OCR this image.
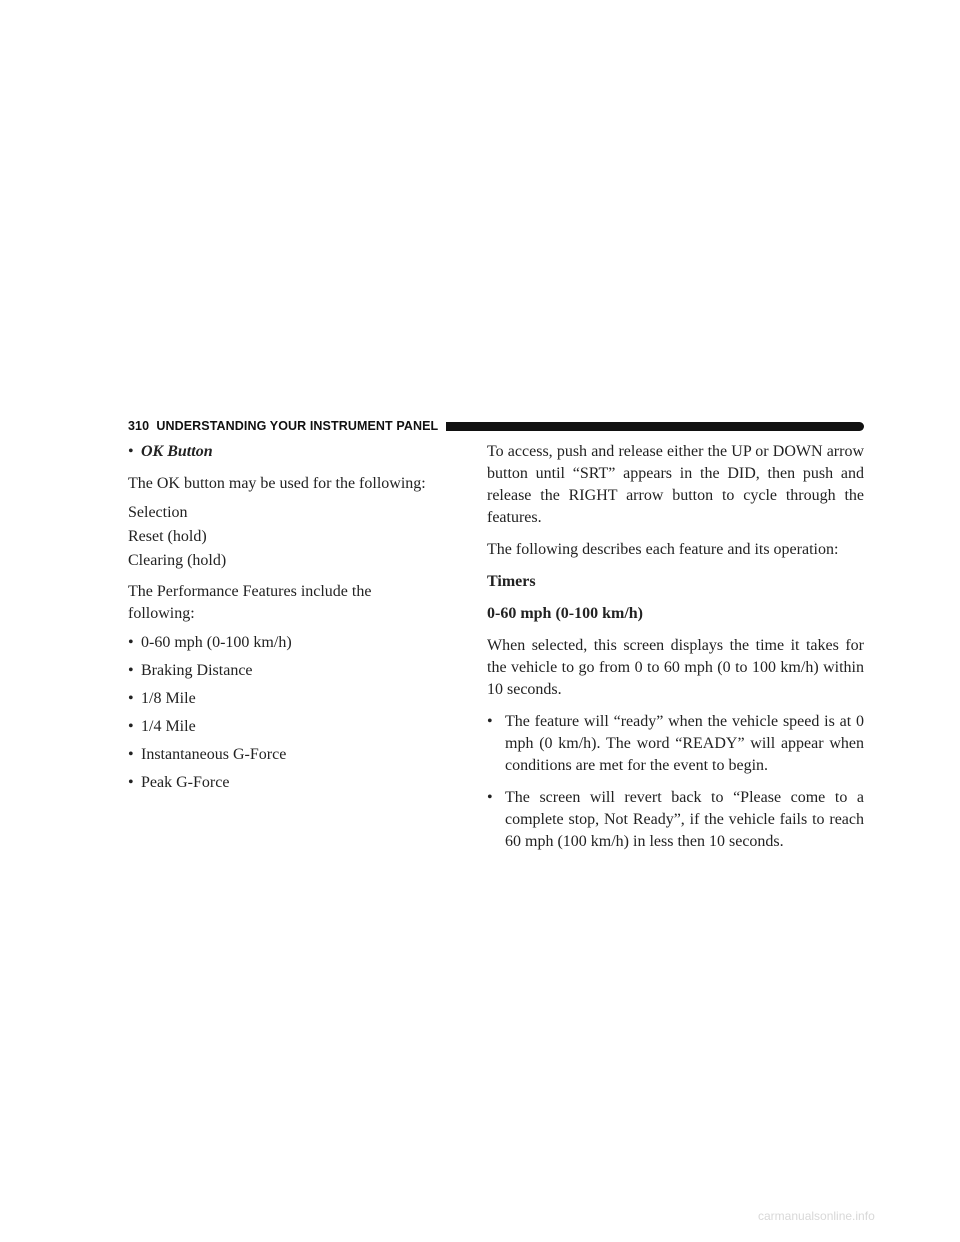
310 UNDERSTANDING YOUR INSTRUMENT PANEL
• OK Button

The OK button may be used for the following:

Selection

Reset (hold)

Clearing (hold)

The Performance Features include the following:

• 0-60 mph (0-100 km/h)
• Braking Distance
• 1/8 Mile
• 1/4 Mile
• Instantaneous G-Force
• Peak G-Force

To access, push and release either the UP or DOWN arrow button until “SRT” appears in the DID, then push and release the RIGHT arrow button to cycle through the features.

The following describes each feature and its operation:

Timers

0-60 mph (0-100 km/h)

When selected, this screen displays the time it takes for the vehicle to go from 0 to 60 mph (0 to 100 km/h) within 10 seconds.

• The feature will “ready” when the vehicle speed is at 0 mph (0 km/h). The word “READY” will appear when conditions are met for the event to begin.
• The screen will revert back to “Please come to a complete stop, Not Ready”, if the vehicle fails to reach 60 mph (100 km/h) in less then 10 seconds.
carmanualsonline.info
